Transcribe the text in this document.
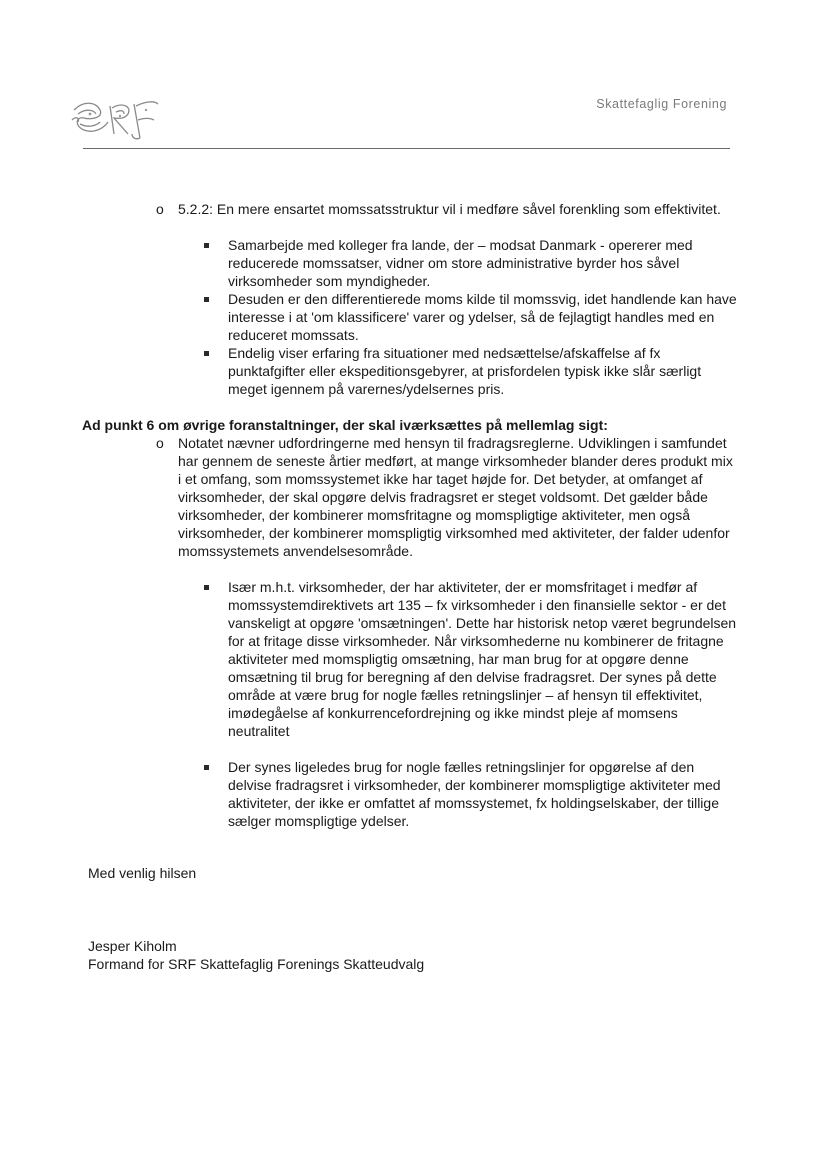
SRF
Skattefaglig Forening
o 5.2.2: En mere ensartet momssatsstruktur vil i medføre såvel forenkling som effektivitet.
Samarbejde med kolleger fra lande, der – modsat Danmark - opererer med reducerede momssatser, vidner om store administrative byrder hos såvel virksomheder som myndigheder.
Desuden er den differentierede moms kilde til momssvig, idet handlende kan have interesse i at 'om klassificere' varer og ydelser, så de fejlagtigt handles med en reduceret momssats.
Endelig viser erfaring fra situationer med nedsættelse/afskaffelse af fx punktafgifter eller ekspeditionsgebyrer, at prisfordelen typisk ikke slår særligt meget igennem på varernes/ydelsernes pris.
Ad punkt 6 om øvrige foranstaltninger, der skal iværksættes på mellemlag sigt:
o Notatet nævner udfordringerne med hensyn til fradragsreglerne. Udviklingen i samfundet har gennem de seneste årtier medført, at mange virksomheder blander deres produkt mix i et omfang, som momssystemet ikke har taget højde for. Det betyder, at omfanget af virksomheder, der skal opgøre delvis fradragsret er steget voldsomt. Det gælder både virksomheder, der kombinerer momsfritagne og momspligtige aktiviteter, men også virksomheder, der kombinerer momspligtig virksomhed med aktiviteter, der falder udenfor momssystemets anvendelsesområde.
Især m.h.t. virksomheder, der har aktiviteter, der er momsfritaget i medfør af momssystemdirektivets art 135 – fx virksomheder i den finansielle sektor - er det vanskeligt at opgøre 'omsætningen'. Dette har historisk netop været begrundelsen for at fritage disse virksomheder. Når virksomhederne nu kombinerer de fritagne aktiviteter med momspligtig omsætning, har man brug for at opgøre denne omsætning til brug for beregning af den delvise fradragsret. Der synes på dette område at være brug for nogle fælles retningslinjer – af hensyn til effektivitet, imødegåelse af konkurrencefordrejning og ikke mindst pleje af momsens neutralitet
Der synes ligeledes brug for nogle fælles retningslinjer for opgørelse af den delvise fradragsret i virksomheder, der kombinerer momspligtige aktiviteter med aktiviteter, der ikke er omfattet af momssystemet, fx holdingselskaber, der tillige sælger momspligtige ydelser.
Med venlig hilsen
Jesper Kiholm
Formand for SRF Skattefaglig Forenings Skatteudvalg
